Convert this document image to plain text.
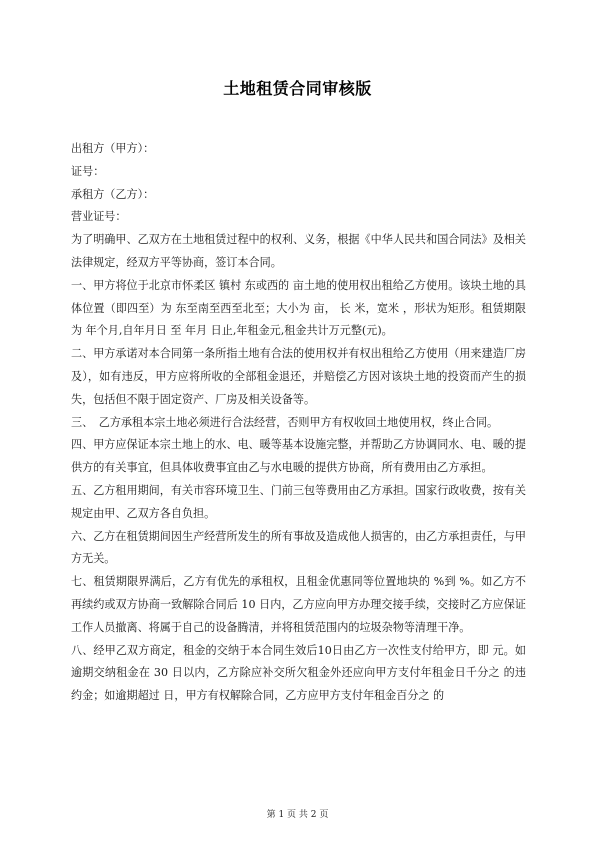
土地租赁合同审核版

出租方（甲方）：

证号：

承租方（乙方）：

营业证号：

为了明确甲、乙双方在土地租赁过程中的权利、义务，根据《中华人民共和国合同法》及相关法律规定，经双方平等协商，签订本合同。

一、甲方将位于北京市怀柔区 镇村 东或西的 亩土地的使用权出租给乙方使用。该块土地的具体位置（即四至）为 东至南至西至北至；大小为 亩， 长 米，宽米 ，形状为矩形。租赁期限为 年个月,自年月日 至 年月 日止,年租金元,租金共计万元整(元)。

二、甲方承诺对本合同第一条所指土地有合法的使用权并有权出租给乙方使用（用来建造厂房及），如有违反，甲方应将所收的全部租金退还，并赔偿乙方因对该块土地的投资而产生的损失，包括但不限于固定资产、厂房及相关设备等。

三、　乙方承租本宗土地必须进行合法经营，否则甲方有权收回土地使用权，终止合同。

四、甲方应保证本宗土地上的水、电、暖等基本设施完整，并帮助乙方协调同水、电、暖的提供方的有关事宜，但具体收费事宜由乙与水电暖的提供方协商，所有费用由乙方承担。

五、乙方租用期间，有关市容环境卫生、门前三包等费用由乙方承担。国家行政收费，按有关规定由甲、乙双方各自负担。

六、乙方在租赁期间因生产经营所发生的所有事故及造成他人损害的，由乙方承担责任，与甲方无关。

七、租赁期限界满后，乙方有优先的承租权，且租金优惠同等位置地块的 %到 %。如乙方不再续约或双方协商一致解除合同后 10 日内，乙方应向甲方办理交接手续，交接时乙方应保证工作人员撤离、将属于自己的设备腾清，并将租赁范围内的垃圾杂物等清理干净。

八、经甲乙双方商定，租金的交纳于本合同生效后10日由乙方一次性支付给甲方，即 元。如逾期交纳租金在 30 日以内，乙方除应补交所欠租金外还应向甲方支付年租金日千分之 的违约金；如逾期超过 日，甲方有权解除合同，乙方应甲方支付年租金百分之 的

第 1 页 共 2 页
